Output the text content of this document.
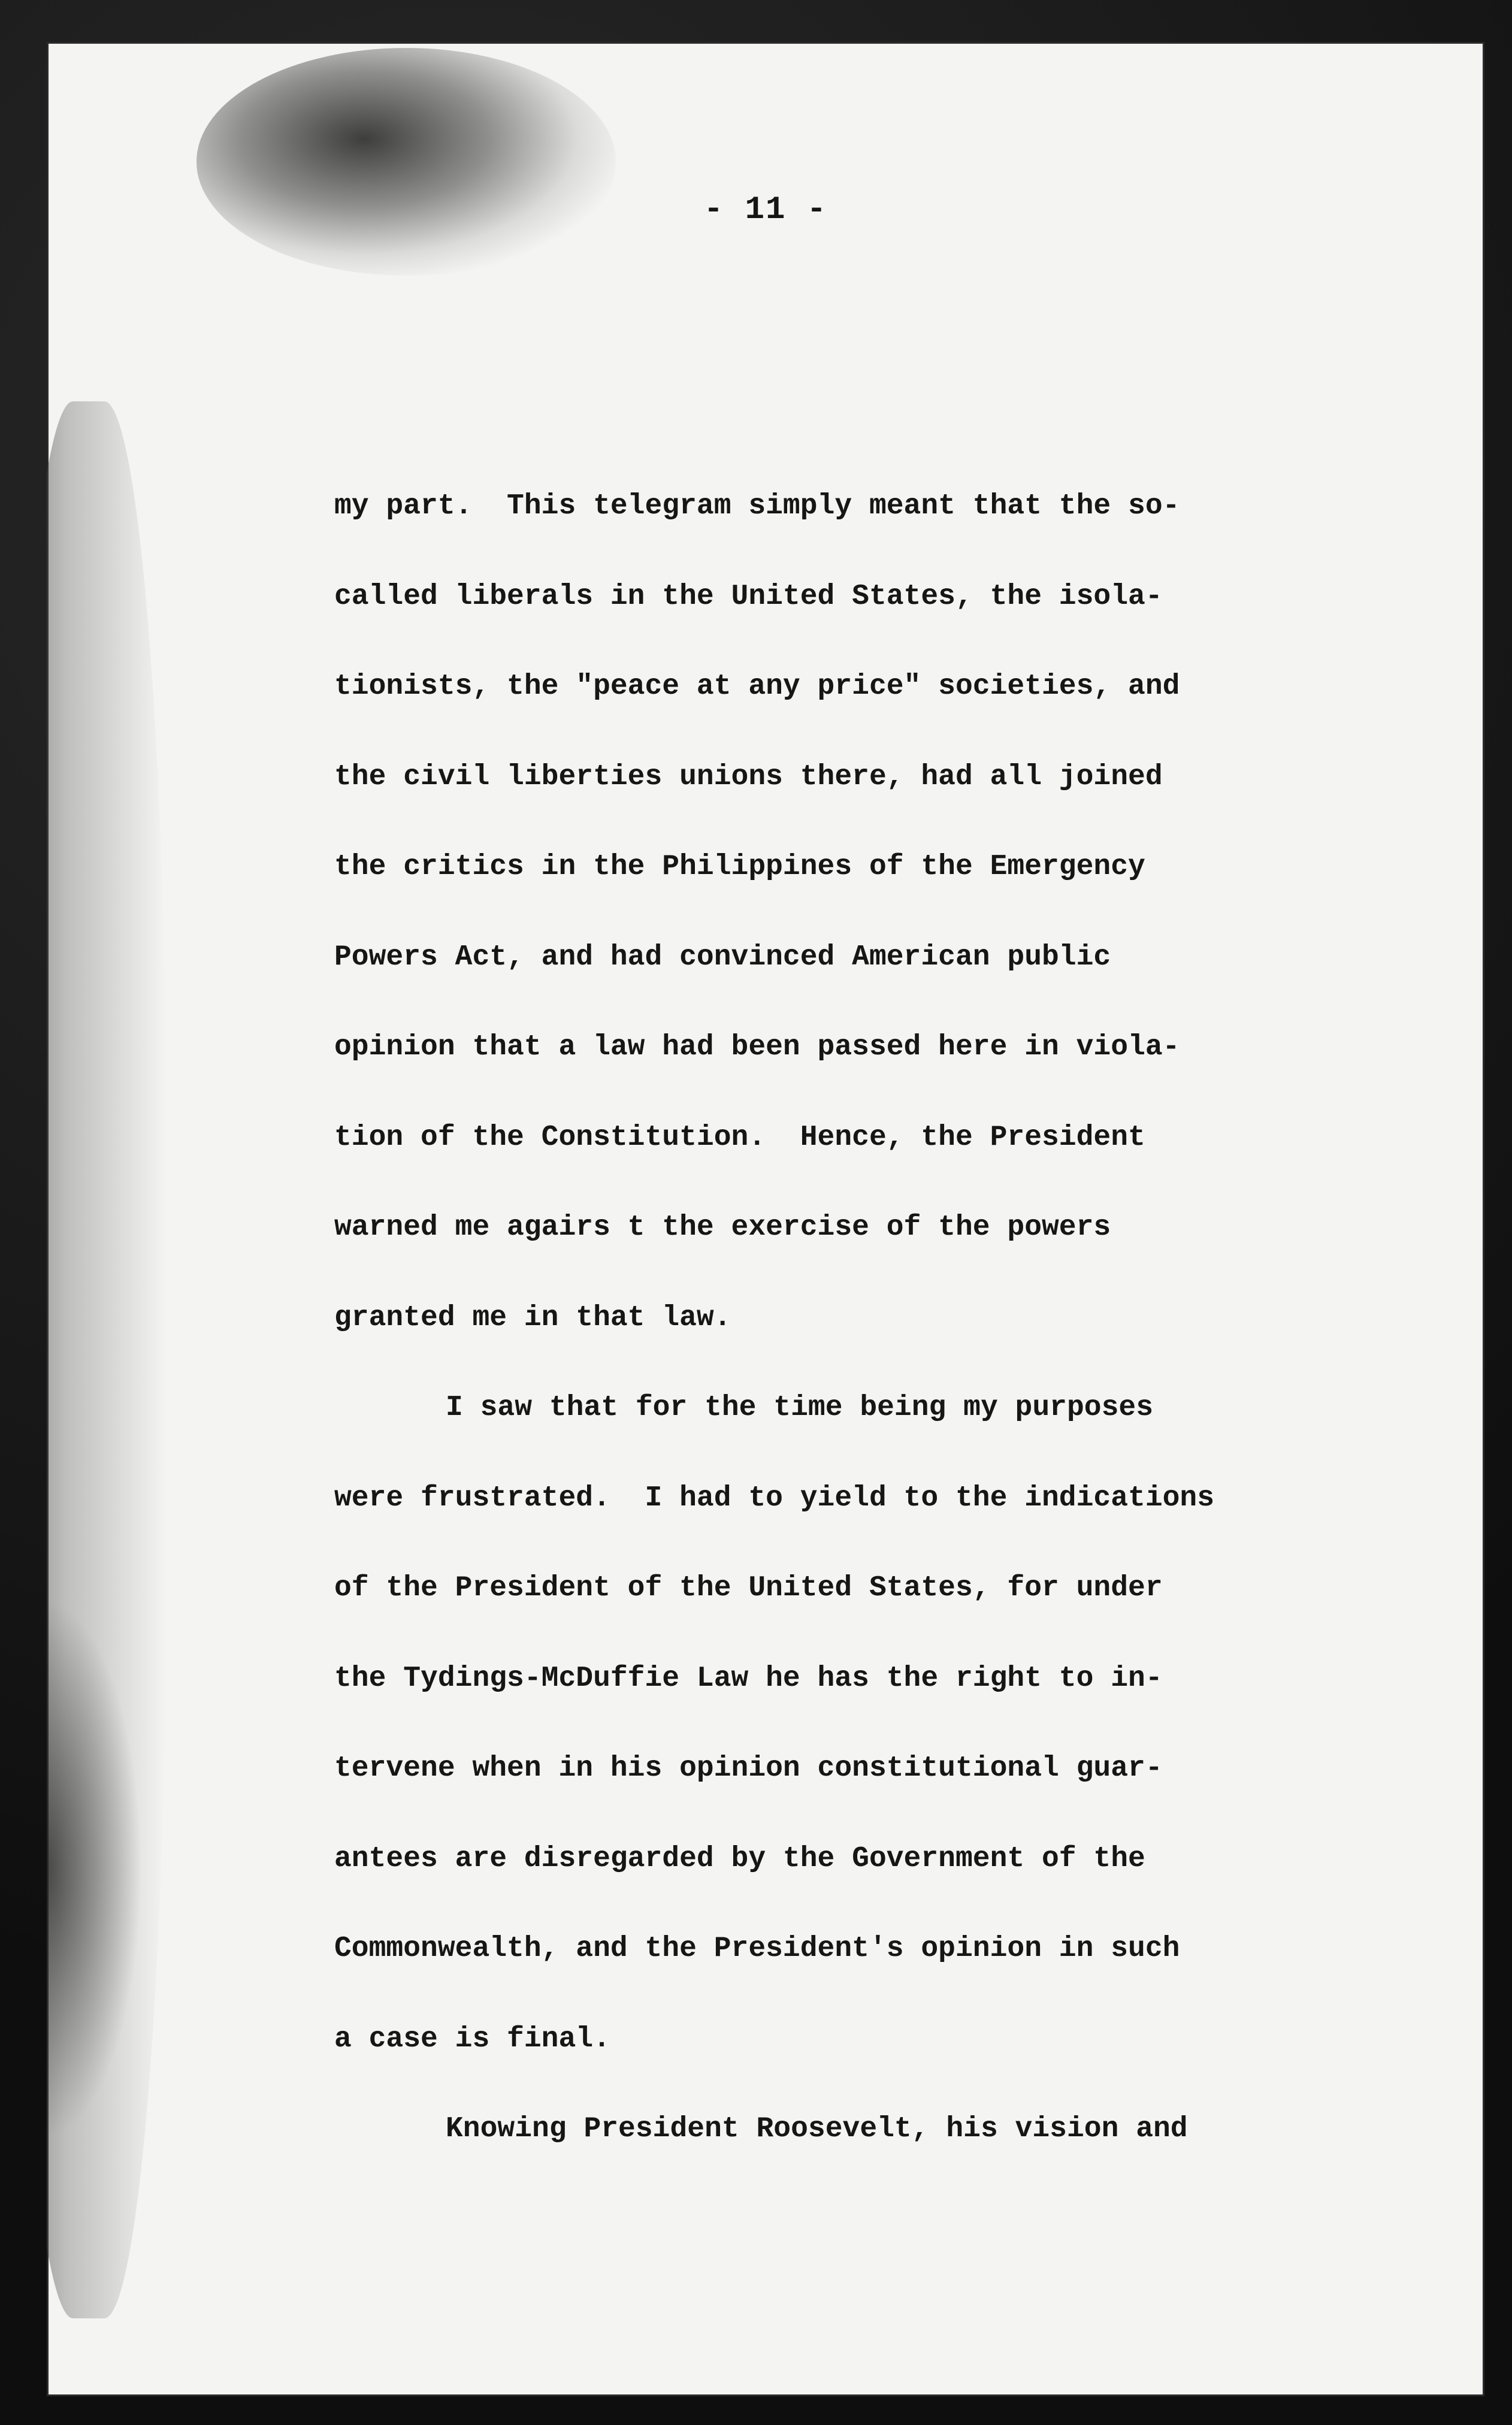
- 11 -
my part.  This telegram simply meant that the so-
called liberals in the United States, the isola-
tionists, the "peace at any price" societies, and
the civil liberties unions there, had all joined
the critics in the Philippines of the Emergency
Powers Act, and had convinced American public
opinion that a law had been passed here in viola-
tion of the Constitution.  Hence, the President
warned me agairs t the exercise of the powers
granted me in that law.
I saw that for the time being my purposes
were frustrated.  I had to yield to the indications
of the President of the United States, for under
the Tydings-McDuffie Law he has the right to in-
tervene when in his opinion constitutional guar-
antees are disregarded by the Government of the
Commonwealth, and the President's opinion in such
a case is final.
Knowing President Roosevelt, his vision and
